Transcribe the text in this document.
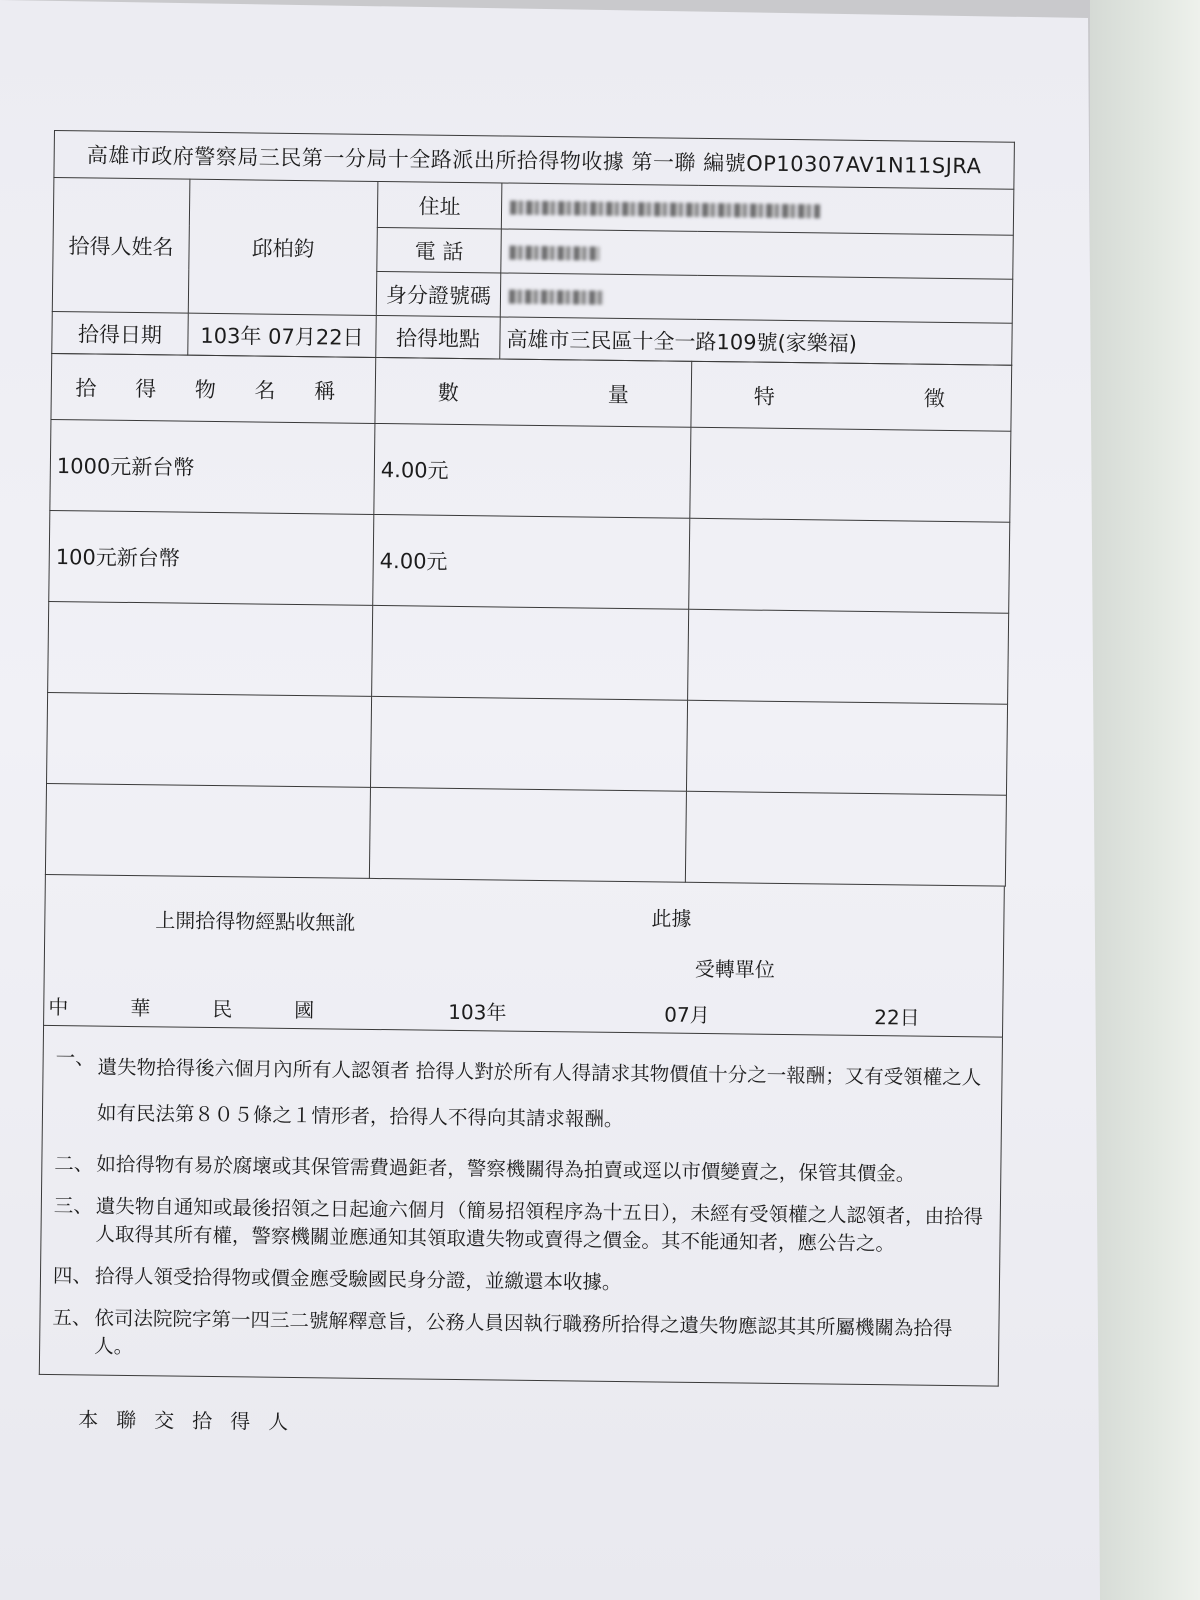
高雄市政府警察局三民第一分局十全路派出所拾得物收據 第一聯 編號OP10307AV1N11SJRA			
拾得人姓名	邱柏鈞	住址	
		電 話	
		身分證號碼	
拾得日期	103年 07月22日	拾得地點	高雄市三民區十全一路109號(家樂福)
拾 得 物 名 稱	數 量	特 徵

1000元新台幣	4.00元	
100元新台幣	4.00元	

上開拾得物經點收無訛	此據
受轉單位
中	華	民	國	103年	07月	22日
一、 遺失物拾得後六個月內所有人認領者 拾得人對於所有人得請求其物價值十分之一報酬；又有受領權之人如有民法第８０５條之１情形者，拾得人不得向其請求報酬。
二、 如拾得物有易於腐壞或其保管需費過鉅者，警察機關得為拍賣或逕以市價變賣之，保管其價金。
三、 遺失物自通知或最後招領之日起逾六個月（簡易招領程序為十五日），未經有受領權之人認領者，由拾得人取得其所有權，警察機關並應通知其領取遺失物或賣得之價金。其不能通知者，應公告之。
四、 拾得人領受拾得物或價金應受驗國民身分證，並繳還本收據。
五、 依司法院院字第一四三二號解釋意旨，公務人員因執行職務所拾得之遺失物應認其其所屬機關為拾得人。
本聯交拾得人
